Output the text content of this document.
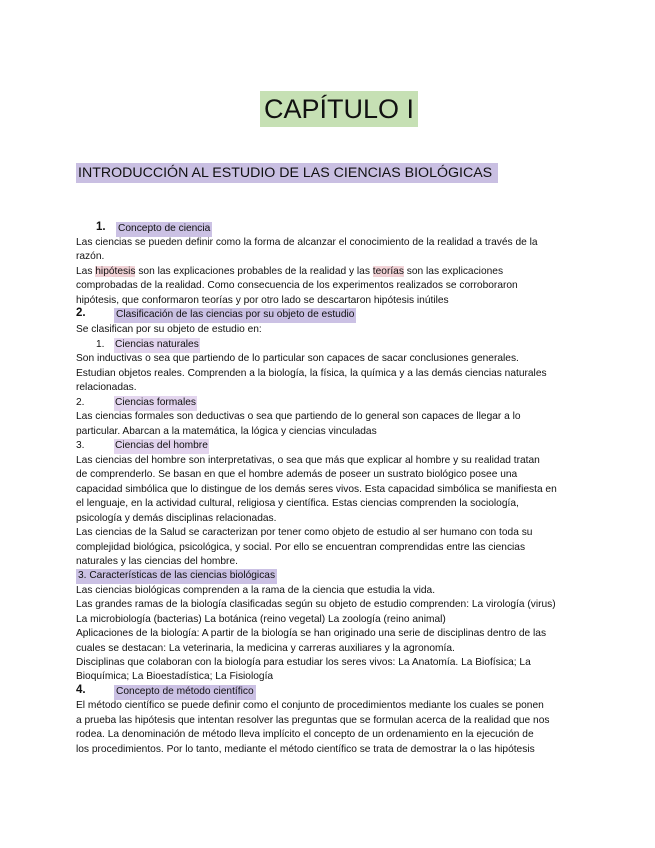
CAPÍTULO I
INTRODUCCIÓN AL ESTUDIO DE LAS CIENCIAS BIOLÓGICAS
1. Concepto de ciencia
Las ciencias se pueden definir como la forma de alcanzar el conocimiento de la realidad a través de la
razón.
Las hipótesis son las explicaciones probables de la realidad y las teorías son las explicaciones
comprobadas de la realidad. Como consecuencia de los experimentos realizados se corroboraron
hipótesis, que conformaron teorías y por otro lado se descartaron hipótesis inútiles
2.	Clasificación de las ciencias por su objeto de estudio
Se clasifican por su objeto de estudio en:
1. Ciencias naturales
Son inductivas o sea que partiendo de lo particular son capaces de sacar conclusiones generales.
Estudian objetos reales. Comprenden a la biología, la física, la química y a las demás ciencias naturales
relacionadas.
2.	Ciencias formales
Las ciencias formales son deductivas o sea que partiendo de lo general son capaces de llegar a lo
particular. Abarcan a la matemática, la lógica y ciencias vinculadas
3.	Ciencias del hombre
Las ciencias del hombre son interpretativas, o sea que más que explicar al hombre y su realidad tratan
de comprenderlo. Se basan en que el hombre además de poseer un sustrato biológico posee una
capacidad simbólica que lo distingue de los demás seres vivos. Esta capacidad simbólica se manifiesta en
el lenguaje, en la actividad cultural, religiosa y científica. Estas ciencias comprenden la sociología,
psicología y demás disciplinas relacionadas.
Las ciencias de la Salud se caracterizan por tener como objeto de estudio al ser humano con toda su
complejidad biológica, psicológica, y social. Por ello se encuentran comprendidas entre las ciencias
naturales y las ciencias del hombre.
3. Características de las ciencias biológicas
Las ciencias biológicas comprenden a la rama de la ciencia que estudia la vida.
Las grandes ramas de la biología clasificadas según su objeto de estudio comprenden: La virología (virus)
La microbiología (bacterias) La botánica (reino vegetal) La zoología (reino animal)
Aplicaciones de la biología: A partir de la biología se han originado una serie de disciplinas dentro de las
cuales se destacan: La veterinaria, la medicina y carreras auxiliares y la agronomía.
Disciplinas que colaboran con la biología para estudiar los seres vivos: La Anatomía. La Biofísica; La
Bioquímica; La Bioestadística; La Fisiología
4.	Concepto de método científico
El método científico se puede definir como el conjunto de procedimientos mediante los cuales se ponen
a prueba las hipótesis que intentan resolver las preguntas que se formulan acerca de la realidad que nos
rodea. La denominación de método lleva implícito el concepto de un ordenamiento en la ejecución de
los procedimientos. Por lo tanto, mediante el método científico se trata de demostrar la o las hipótesis
